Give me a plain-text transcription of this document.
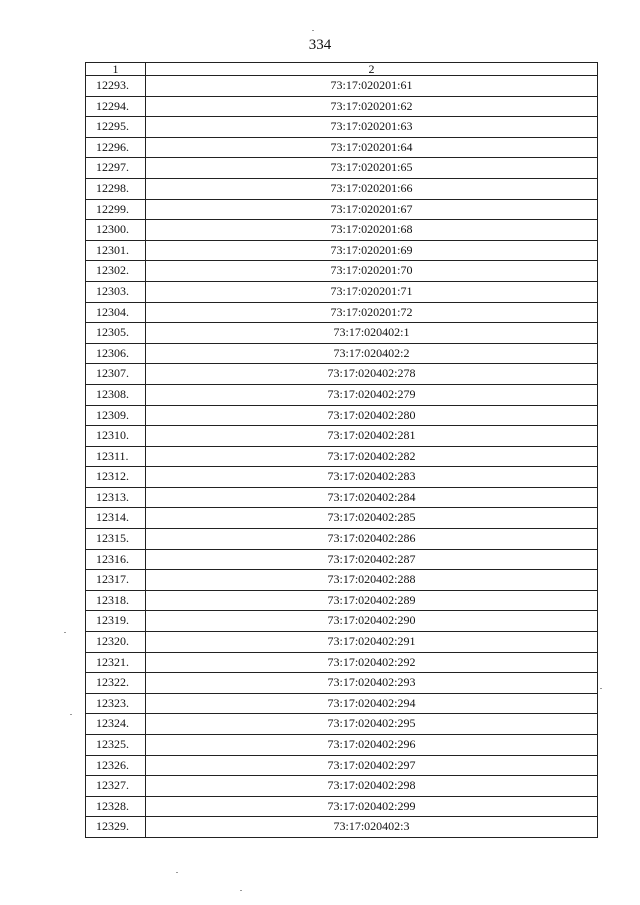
334
1	2
12293.	73:17:020201:61
12294.	73:17:020201:62
12295.	73:17:020201:63
12296.	73:17:020201:64
12297.	73:17:020201:65
12298.	73:17:020201:66
12299.	73:17:020201:67
12300.	73:17:020201:68
12301.	73:17:020201:69
12302.	73:17:020201:70
12303.	73:17:020201:71
12304.	73:17:020201:72
12305.	73:17:020402:1
12306.	73:17:020402:2
12307.	73:17:020402:278
12308.	73:17:020402:279
12309.	73:17:020402:280
12310.	73:17:020402:281
12311.	73:17:020402:282
12312.	73:17:020402:283
12313.	73:17:020402:284
12314.	73:17:020402:285
12315.	73:17:020402:286
12316.	73:17:020402:287
12317.	73:17:020402:288
12318.	73:17:020402:289
12319.	73:17:020402:290
12320.	73:17:020402:291
12321.	73:17:020402:292
12322.	73:17:020402:293
12323.	73:17:020402:294
12324.	73:17:020402:295
12325.	73:17:020402:296
12326.	73:17:020402:297
12327.	73:17:020402:298
12328.	73:17:020402:299
12329.	73:17:020402:3
